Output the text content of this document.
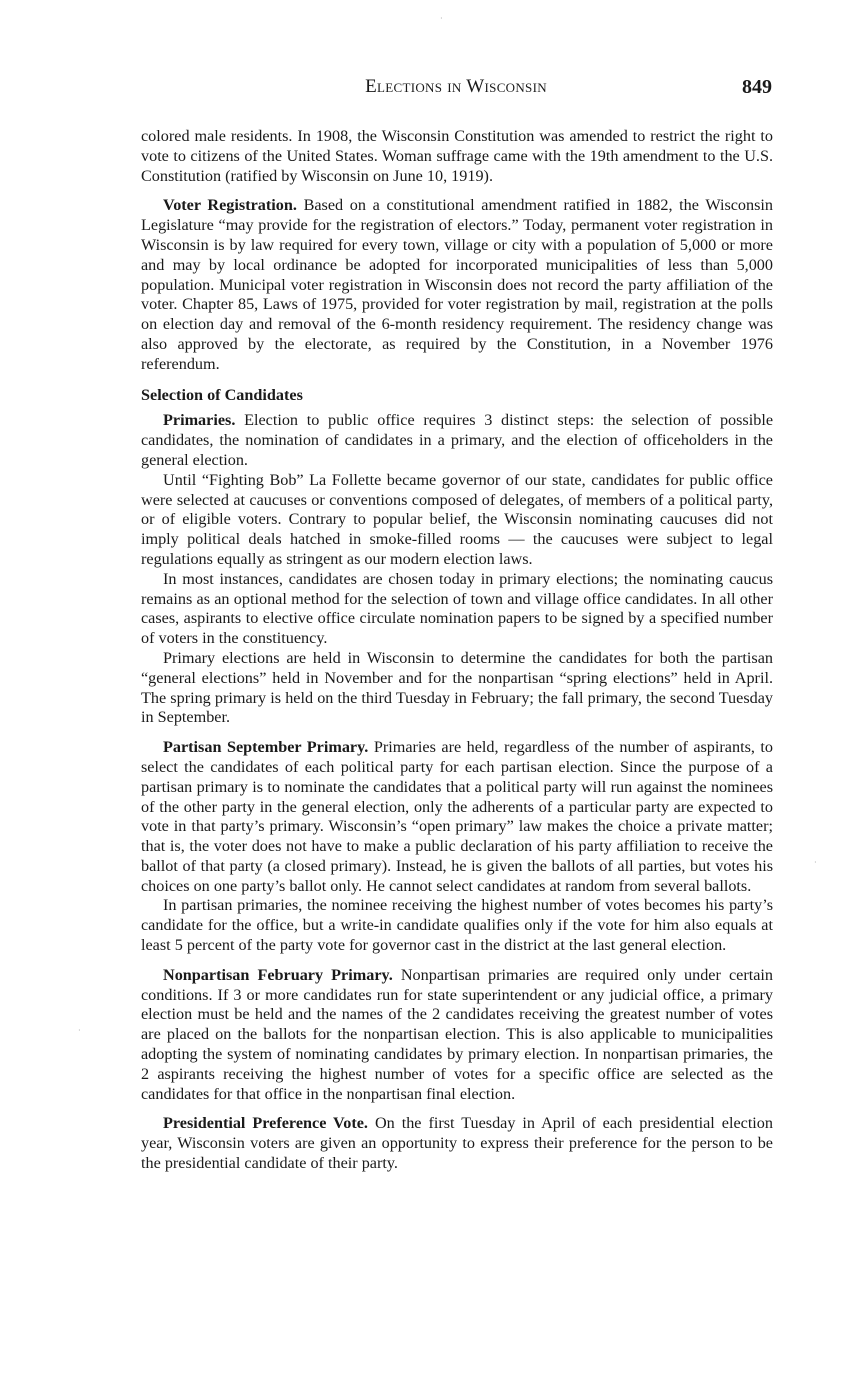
Elections in Wisconsin	849

colored male residents. In 1908, the Wisconsin Constitution was amended to restrict the right to vote to citizens of the United States. Woman suffrage came with the 19th amendment to the U.S. Constitution (ratified by Wisconsin on June 10, 1919).

Voter Registration. Based on a constitutional amendment ratified in 1882, the Wisconsin Legislature “may provide for the registration of electors.” Today, permanent voter registration in Wisconsin is by law required for every town, village or city with a population of 5,000 or more and may by local ordinance be adopted for incorporated municipalities of less than 5,000 population. Municipal voter registration in Wisconsin does not record the party affiliation of the voter. Chapter 85, Laws of 1975, provided for voter registration by mail, registration at the polls on election day and removal of the 6-month residency requirement. The residency change was also approved by the electorate, as required by the Constitution, in a November 1976 referendum.

Selection of Candidates

Primaries. Election to public office requires 3 distinct steps: the selection of possible candidates, the nomination of candidates in a primary, and the election of officeholders in the general election.

Until “Fighting Bob” La Follette became governor of our state, candidates for public office were selected at caucuses or conventions composed of delegates, of members of a political party, or of eligible voters. Contrary to popular belief, the Wisconsin nominating caucuses did not imply political deals hatched in smoke-filled rooms — the caucuses were subject to legal regulations equally as stringent as our modern election laws.

In most instances, candidates are chosen today in primary elections; the nominating caucus remains as an optional method for the selection of town and village office candidates. In all other cases, aspirants to elective office circulate nomination papers to be signed by a specified number of voters in the constituency.

Primary elections are held in Wisconsin to determine the candidates for both the partisan “general elections” held in November and for the nonpartisan “spring elections” held in April. The spring primary is held on the third Tuesday in February; the fall primary, the second Tuesday in September.

Partisan September Primary. Primaries are held, regardless of the number of aspirants, to select the candidates of each political party for each partisan election. Since the purpose of a partisan primary is to nominate the candidates that a political party will run against the nominees of the other party in the general election, only the adherents of a particular party are expected to vote in that party’s primary. Wisconsin’s “open primary” law makes the choice a private matter; that is, the voter does not have to make a public declaration of his party affiliation to receive the ballot of that party (a closed primary). Instead, he is given the ballots of all parties, but votes his choices on one party’s ballot only. He cannot select candidates at random from several ballots.

In partisan primaries, the nominee receiving the highest number of votes becomes his party’s candidate for the office, but a write-in candidate qualifies only if the vote for him also equals at least 5 percent of the party vote for governor cast in the district at the last general election.

Nonpartisan February Primary. Nonpartisan primaries are required only under certain conditions. If 3 or more candidates run for state superintendent or any judicial office, a primary election must be held and the names of the 2 candidates receiving the greatest number of votes are placed on the ballots for the nonpartisan election. This is also applicable to municipalities adopting the system of nominating candidates by primary election. In nonpartisan primaries, the 2 aspirants receiving the highest number of votes for a specific office are selected as the candidates for that office in the nonpartisan final election.

Presidential Preference Vote. On the first Tuesday in April of each presidential election year, Wisconsin voters are given an opportunity to express their preference for the person to be the presidential candidate of their party.

·
·
·
